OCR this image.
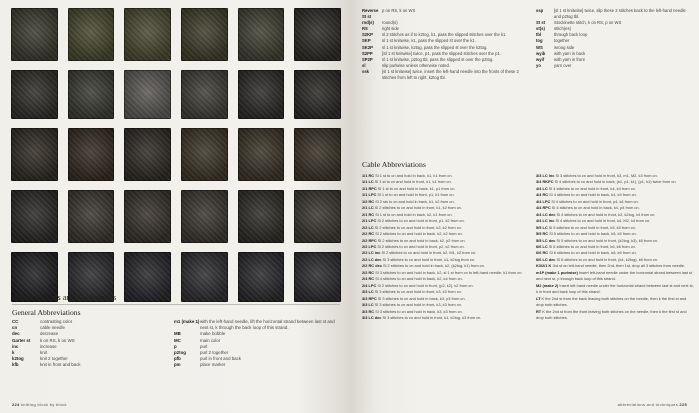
Abbreviations and Techniques
General Abbreviations
CC	contrasting color
cn	cable needle
dec	decrease
Garter st	k on RS, k on WS
inc	increase
k	knit
k2tog	knit 2 together
kfb	knit in front and back
m1 (make 1) with the left-hand needle, lift the horizontal strand between last st and next st, k through the back loop of this strand.
MB	make bobble
MC	main color
p	purl
p2tog	purl 2 together
pfb	purl in front and back
pm	place marker
224 knitting block by block
Reverse St st
p on RS, k on WS
rnd(s)	round(s)
RS	right side
S2KP	sl 2 stitches as if to k2tog, k1, pass the slipped stitches over the k1.
SKP	sl 1 st knitwise, k1, pass the slipped st over the k1.
SK2P	sl 1 st knitwise, k2tog, pass the slipped st over the k2tog.
S2PP	[Sl 1 st knitwise] twice, p1, pass the slipped stitches over the p1.
SP2P	sl 1 st knitwise, p2tog tbl, pass the slipped st over the p2tog.
sl	slip purlwise unless otherwise noted.
ssk	[sl 1 st knitwise] twice, insert the left-hand needle into the fronts of these 2 stitches from left to right, k2tog tbl.
ssp	[sl 1 st knitwise] twice, slip these 2 stitches back to the left-hand needle and p2tog tbl.
St st	Stockinette stitch, k on RS, p on WS
st(s)	stitch(es)
tbl	through back loop
tog	together
WS	wrong side
wyib	with yarn in back
wyif	with yarn in front
yo	yarn over
Cable Abbreviations
1/1 RC Sl 1 st to cn and hold in back, k1, k1 from cn.
1/1 LC Sl 1 st to cn and hold in front, k1, k1 from cn.
1/1 RPC Sl 1 st to cn and hold in back, k1, p1 from cn.
1/1 LPC Sl 1 st to cn and hold in front, p1, k1 from cn.
1/2 RC Sl 2 sts to cn and hold in back, k1, k2 from cn.
2/1 LC Sl 2 stitches to cn and hold in front, k1, k2 from cn.
2/1 RC Sl 1 st to cn and hold in back, k2, k1 from cn.
2/1 LPC Sl 2 stitches to cn and hold in front, p1, k2 from cn.
2/2 LC Sl 2 stitches to cn and hold in front, k2, k2 from cn.
2/2 RC Sl 2 stitches to cn and hold in back, k2, k2 from cn.
2/2 RPC Sl 2 stitches to cn and hold in back, k2, p2 from cn.
2/2 LPC Sl 2 stitches to cn and hold in front, p2, k2 from cn.
2/2 LC inc Sl 2 stitches to cn and hold in front, k2, M1, k2 from cn.
2/2 LC dec Sl 3 stitches to cn and hold in front, k1, k2tog from cn.
2/2 RC dec Sl 2 stitches to cn and hold in back, k2, (k2tog, k1) from cn.
2/2 RC Sl 3 stitches to cn and hold in back, k2, sl 1 st from cn to left-hand needle, k1 from cn.
2/4 RC Sl 4 stitches to cn and hold in back, k2, k4 from cn.
2/4 LPC Sl 2 stitches to cn and hold in front, (p2, k2), k2 from cn.
3/3 LC Sl 3 stitches to cn and hold in front, k3, k3 from cn.
3/3 RPC Sl 3 stitches to cn and hold in back, k3, p3 from cn.
3/3 LC Sl 3 stitches to cn and hold in front, k3, k3 from cn.
3/3 RC Sl 3 stitches to cn and hold in back, k3, k3 from cn.
3/3 LC dec Sl 3 stitches to cn and hold in front, k1, k2tog, k3 from cn.
3/3 LC inc Sl 3 stitches to cn and hold in front, k3, m1, M2, k3 from cn.
3/4 RKPC Sl 4 stitches to cn and hold in back, (k1, p1, k1), (p1, k1) twice from cn.
4/4 LC Sl 4 stitches to cn and hold in front, k4, k4 from cn.
4/4 RC Sl 4 stitches to cn and hold in back, k4, k4 from cn.
4/4 LPC Sl 4 stitches to cn and hold in front, p4, k4 from cn.
4/4 RPC Sl 4 stitches to cn and hold in back, k4, p4 from cn.
4/4 LC dec Sl 4 stitches to cn and hold in front, k2, k2tog, k4 from cn.
4/4 LC inc Sl 4 stitches to cn and hold in front, k4, M2, k4 from cn.
5/5 LC Sl 5 stitches to cn and hold in front, k5, k5 from cn.
5/5 RC Sl 5 stitches to cn and hold in back, k5, k5 from cn.
5/5 LC dec Sl 5 stitches to cn and hold in front, (k2tog, k3), k5 from cn.
6/6 LC Sl 6 stitches to cn and hold in front, k6, k6 from cn.
6/6 RC Sl 6 stitches to cn and hold in back, k6, k6 from cn.
6/6 LC dec Sl 6 stitches to cn and hold in front, (k4, k2tog), k6 from cn.
K3/2/1 K 3rd st on left-hand needle, then 2nd, then 1st, drop all 3 stitches from needle.
m1P (make 1 purlwise) Insert left-hand needle under the horizontal strand between last st and next st, p through back loop of this strand.
M2 (make 2) Insert left-hand needle under the horizontal strand between last st and next st, k in front and back loop of this strand.
LT K the 2nd st from the back leaving both stitches on the needle, then k the first st and drop both stitches.
RT K the 2nd st from the front leaving both stitches on the needle, then k the first st and drop both stitches.
abbreviations and techniques 225
